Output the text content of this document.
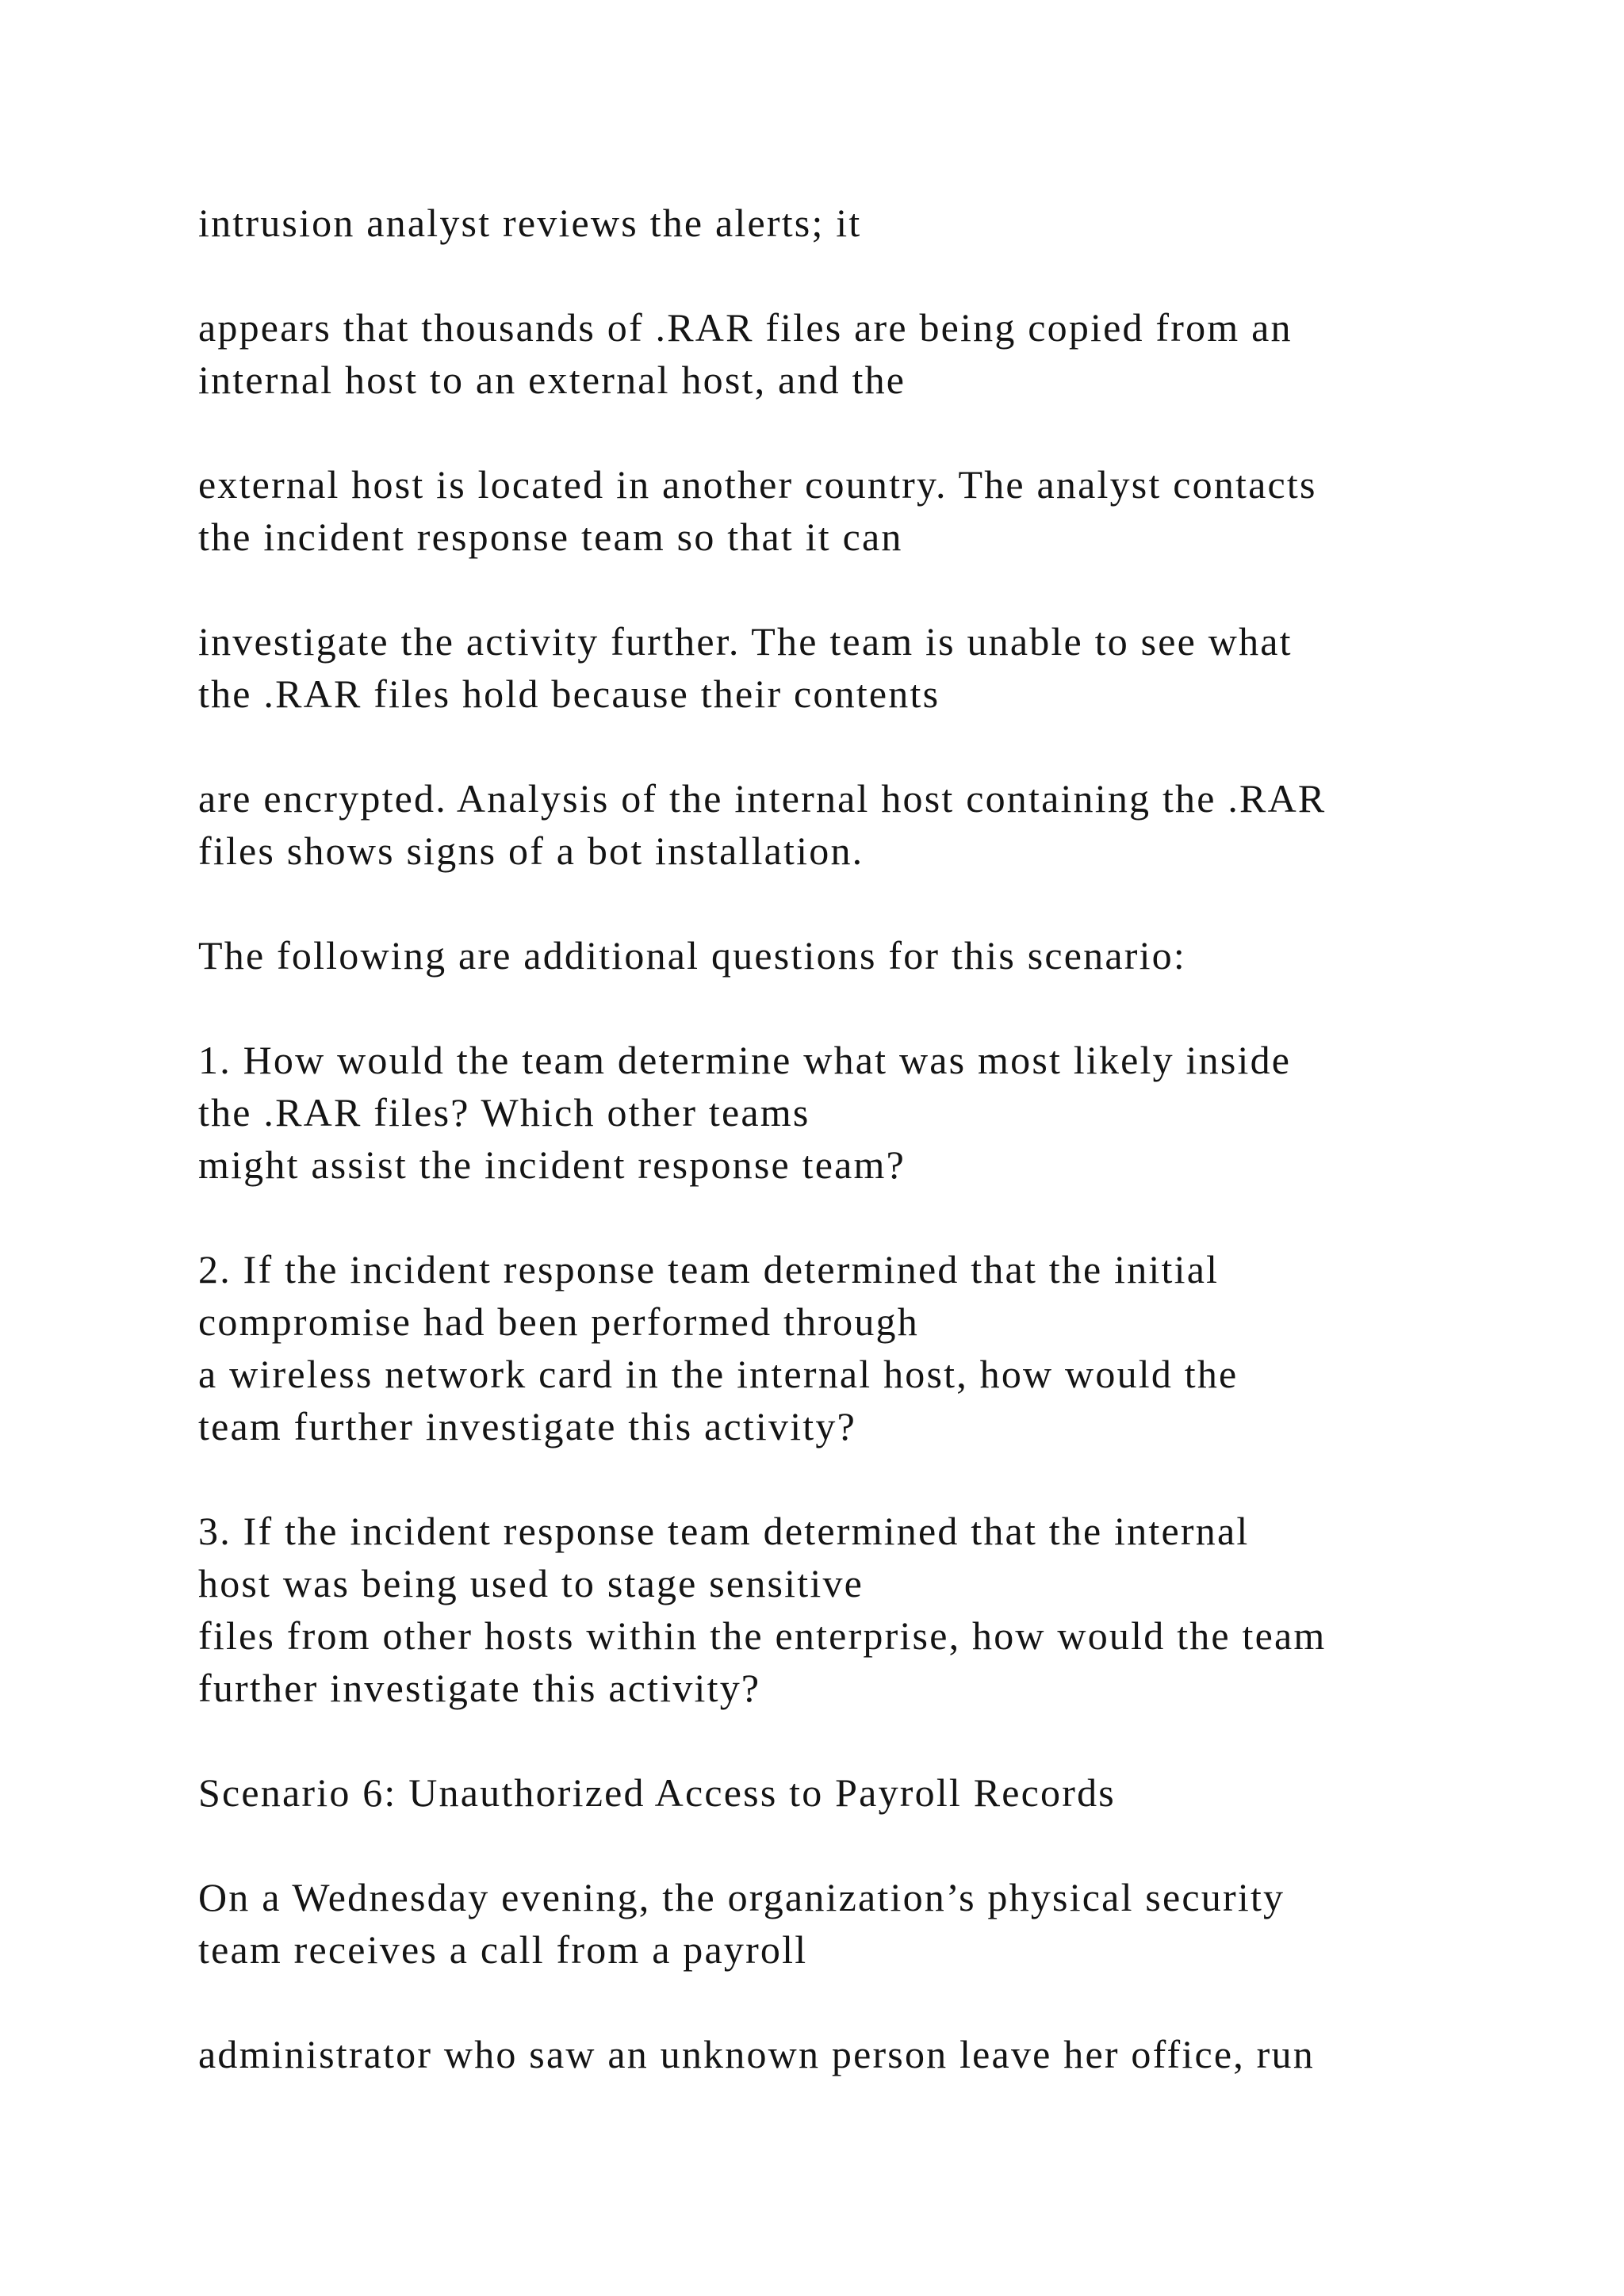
intrusion analyst reviews the alerts; it

appears that thousands of .RAR files are being copied from an
internal host to an external host, and the

external host is located in another country. The analyst contacts
the incident response team so that it can

investigate the activity further. The team is unable to see what
the .RAR files hold because their contents

are encrypted. Analysis of the internal host containing the .RAR
files shows signs of a bot installation.

The following are additional questions for this scenario:

1. How would the team determine what was most likely inside
the .RAR files? Which other teams
might assist the incident response team?

2. If the incident response team determined that the initial
compromise had been performed through
a wireless network card in the internal host, how would the
team further investigate this activity?

3. If the incident response team determined that the internal
host was being used to stage sensitive
files from other hosts within the enterprise, how would the team
further investigate this activity?

Scenario 6: Unauthorized Access to Payroll Records

On a Wednesday evening, the organization’s physical security
team receives a call from a payroll

administrator who saw an unknown person leave her office, run
